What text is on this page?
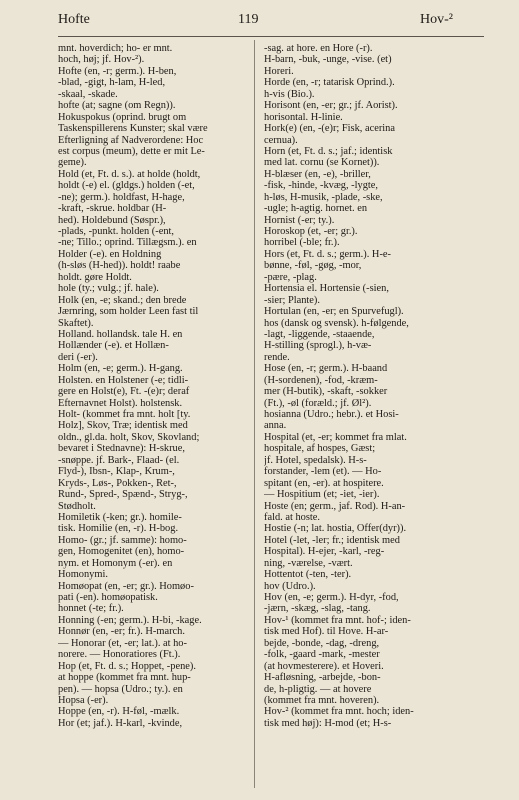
Hofte	119	Hov-²
mnt. hoverdich; ho- er mnt.
hoch, høj; jf. Hov-²).
Hofte (en, -r; germ.). H-ben,
-blad, -gigt, h-lam, H-led,
-skaal, -skade.
hofte (at; sagne (om Regn)).
Hokuspokus (oprind. brugt om
Taskenspillerens Kunster; skal være
Efterligning af Nadverordene: Hoc
est corpus (meum), dette er mit Le-
geme).
Hold (et, Ft. d. s.). at holde (holdt,
holdt (-e) el. (gldgs.) holden (-et,
-ne); germ.). holdfast, H-hage,
-kraft, -skrue. holdbar (H-
hed). Holdebund (Søspr.),
-plads, -punkt. holden (-ent,
-ne; Tillo.; oprind. Tillægsm.). en
Holder (-e). en Holdning
(h-sløs (H-hed)). holdt! raabe
holdt. gøre Holdt.
hole (ty.; vulg.; jf. hale).
Holk (en, -e; skand.; den brede
Jærnring, som holder Leen fast til
Skaftet).
Holland. hollandsk. tale H. en
Hollænder (-e). et Hollæn-
deri (-er).
Holm (en, -e; germ.). H-gang.
Holsten. en Holstener (-e; tidli-
gere en Holst(e), Ft. -(e)r; deraf
Efternavnet Holst). holstensk.
Holt- (kommet fra mnt. holt [ty.
Holz], Skov, Træ; identisk med
oldn., gl.da. holt, Skov, Skovland;
bevaret i Stednavne): H-skrue,
-snøppe. jf. Bark-, Flaad- (el.
Flyd-), Ibsn-, Klap-, Krum-,
Kryds-, Løs-, Pokken-, Ret-,
Rund-, Spred-, Spænd-, Stryg-,
Stødholt.
Homiletik (-ken; gr.). homile-
tisk. Homilie (en, -r). H-bog.
Homo- (gr.; jf. samme): homo-
gen, Homogenitet (en), homo-
nym. et Homonym (-er). en
Homonymi.
Homøopat (en, -er; gr.). Homøo-
pati (-en). homøopatisk.
honnet (-te; fr.).
Honning (-en; germ.). H-bi, -kage.
Honnør (en, -er; fr.). H-march.
— Honorar (et, -er; lat.). at ho-
norere. — Honoratiores (Ft.).
Hop (et, Ft. d. s.; Hoppet, -pene).
at hoppe (kommet fra mnt. hup-
pen). — hopsa (Udro.; ty.). en
Hopsa (-er).
Hoppe (en, -r). H-føl, -mælk.
Hor (et; jaf.). H-karl, -kvinde,
-sag. at hore. en Hore (-r).
H-barn, -buk, -unge, -vise. (et)
Horeri.
Horde (en, -r; tatarisk Oprind.).
h-vis (Bio.).
Horisont (en, -er; gr.; jf. Aorist).
horisontal. H-linie.
Hork(e) (en, -(e)r; Fisk, acerina
cernua).
Horn (et, Ft. d. s.; jaf.; identisk
med lat. cornu (se Kornet)).
H-blæser (en, -e), -briller,
-fisk, -hinde, -kvæg, -lygte,
h-løs, H-musik, -plade, -ske,
-ugle; h-agtig. hornet. en
Hornist (-er; ty.).
Horoskop (et, -er; gr.).
horribel (-ble; fr.).
Hors (et, Ft. d. s.; germ.). H-e-
bønne, -føl, -gøg, -mor,
-pære, -plag.
Hortensia el. Hortensie (-sien,
-sier; Plante).
Hortulan (en, -er; en Spurvefugl).
hos (dansk og svensk). h-følgende,
-lagt, -liggende, -staaende,
H-stilling (sprogl.), h-væ-
rende.
Hose (en, -r; germ.). H-baand
(H-sordenen), -fod, -kræm-
mer (H-butik), -skaft, -sokker
(Ft.), -øl (foræld.; jf. Øl²).
hosianna (Udro.; hebr.). et Hosi-
anna.
Hospital (et, -er; kommet fra mlat.
hospitale, af hospes, Gæst;
jf. Hotel, spedalsk). H-s-
forstander, -lem (et). — Ho-
spitant (en, -er). at hospitere.
— Hospitium (et; -iet, -ier).
Hoste (en; germ., jaf. Rod). H-an-
fald. at hoste.
Hostie (-n; lat. hostia, Offer(dyr)).
Hotel (-let, -ler; fr.; identisk med
Hospital). H-ejer, -karl, -reg-
ning, -værelse, -vært.
Hottentot (-ten, -ter).
hov (Udro.).
Hov (en, -e; germ.). H-dyr, -fod,
-jærn, -skæg, -slag, -tang.
Hov-¹ (kommet fra mnt. hof-; iden-
tisk med Hof). til Hove. H-ar-
bejde, -bonde, -dag, -dreng,
-folk, -gaard -mark, -mester
(at hovmesterere). et Hoveri.
H-afløsning, -arbejde, -bon-
de, h-pligtig. — at hovere
(kommet fra mnt. hoveren).
Hov-² (kommet fra mnt. hoch; iden-
tisk med høj): H-mod (et; H-s-
